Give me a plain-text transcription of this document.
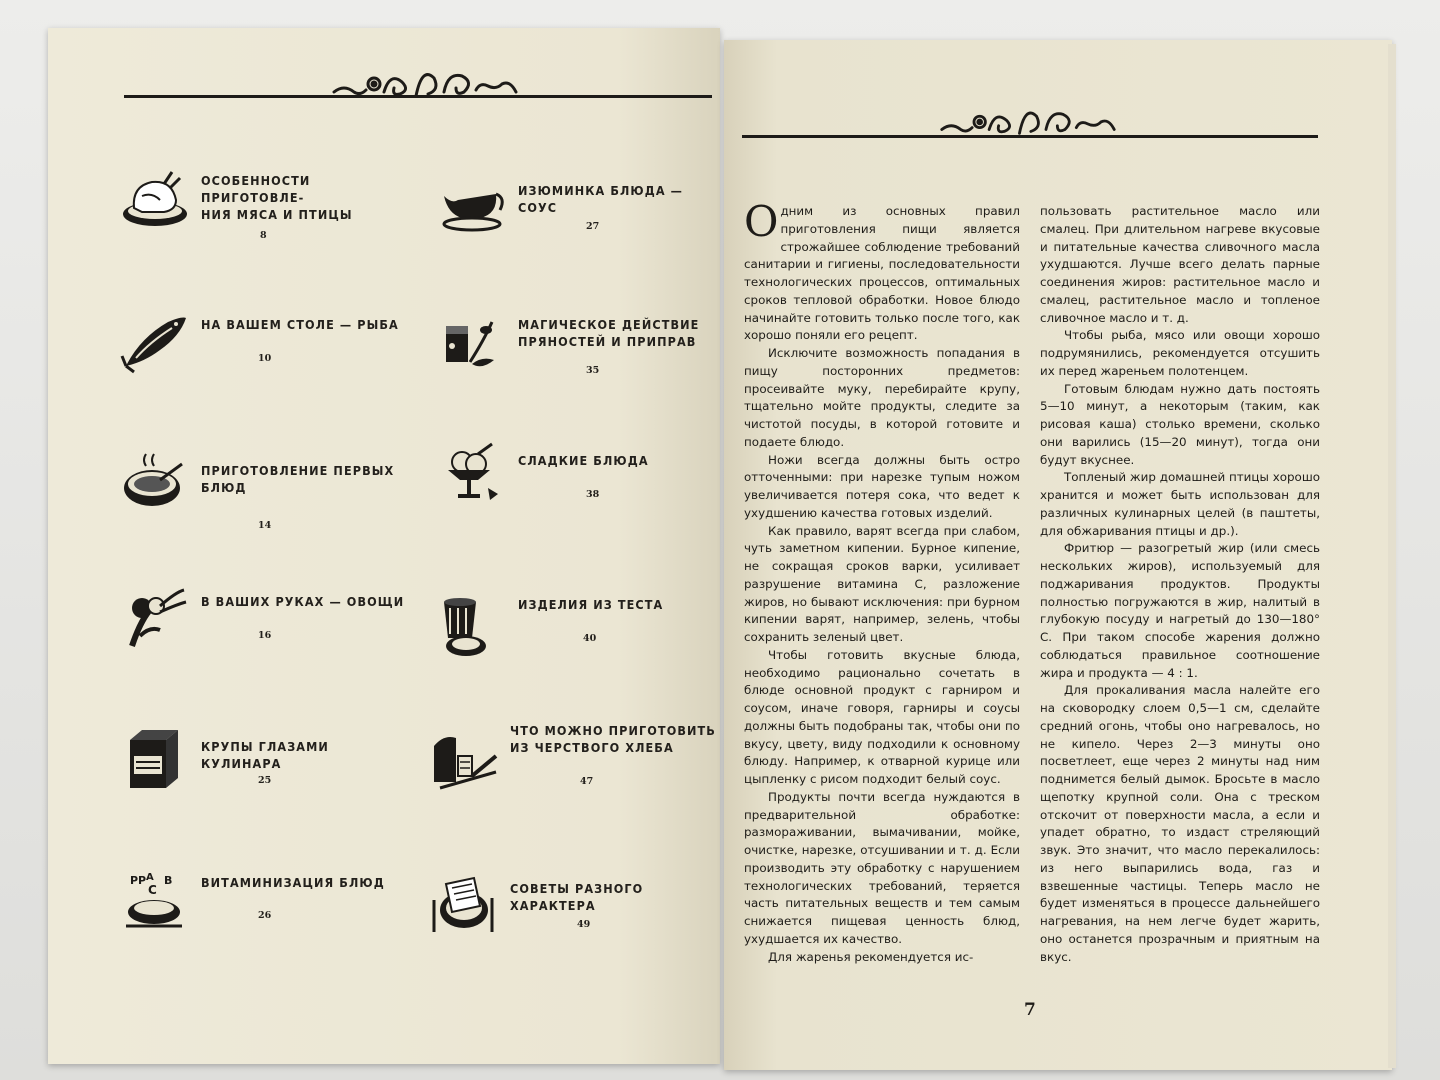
ОСОБЕННОСТИ ПРИГОТОВЛЕ-
НИЯ МЯСА И ПТИЦЫ
8
НА ВАШЕМ СТОЛЕ — РЫБА
10
ПРИГОТОВЛЕНИЕ ПЕРВЫХ
БЛЮД
14
В ВАШИХ РУКАХ — ОВОЩИ
16
КРУПЫ ГЛАЗАМИ КУЛИНАРА
25
PP A B
C	ВИТАМИНИЗАЦИЯ БЛЮД
26
ИЗЮМИНКА БЛЮДА — СОУС
27
МАГИЧЕСКОЕ ДЕЙСТВИЕ
ПРЯНОСТЕЙ И ПРИПРАВ
35
СЛАДКИЕ БЛЮДА
38
ИЗДЕЛИЯ ИЗ ТЕСТА
40
ЧТО МОЖНО ПРИГОТОВИТЬ
ИЗ ЧЕРСТВОГО ХЛЕБА
47
СОВЕТЫ РАЗНОГО ХАРАКТЕРА
49

Одним из основных правил приготовления пищи является строжайшее соблюдение требований санитарии и гигиены, последовательности технологических процессов, оптимальных сроков тепловой обработки. Новое блюдо начинайте готовить только после того, как хорошо поняли его рецепт.

Исключите возможность попадания в пищу посторонних предметов: просеивайте муку, перебирайте крупу, тщательно мойте продукты, следите за чистотой посуды, в которой готовите и подаете блюдо.

Ножи всегда должны быть остро отточенными: при нарезке тупым ножом увеличивается потеря сока, что ведет к ухудшению качества готовых изделий.

Как правило, варят всегда при слабом, чуть заметном кипении. Бурное кипение, не сокращая сроков варки, усиливает разрушение витамина С, разложение жиров, но бывают исключения: при бурном кипении варят, например, зелень, чтобы сохранить зеленый цвет.

Чтобы готовить вкусные блюда, необходимо рационально сочетать в блюде основной продукт с гарниром и соусом, иначе говоря, гарниры и соусы должны быть подобраны так, чтобы они по вкусу, цвету, виду подходили к основному блюду. Например, к отварной курице или цыпленку с рисом подходит белый соус.

Продукты почти всегда нуждаются в предварительной обработке: размораживании, вымачивании, мойке, очистке, нарезке, отсушивании и т. д. Если производить эту обработку с нарушением технологических требований, теряется часть питательных веществ и тем самым снижается пищевая ценность блюд, ухудшается их качество.

Для жаренья рекомендуется ис-

пользовать растительное масло или смалец. При длительном нагреве вкусовые и питательные качества сливочного масла ухудшаются. Лучше всего делать парные соединения жиров: растительное масло и смалец, растительное масло и топленое сливочное масло и т. д.

Чтобы рыба, мясо или овощи хорошо подрумянились, рекомендуется отсушить их перед жареньем полотенцем.

Готовым блюдам нужно дать постоять 5—10 минут, а некоторым (таким, как рисовая каша) столько времени, сколько они варились (15—20 минут), тогда они будут вкуснее.

Топленый жир домашней птицы хорошо хранится и может быть использован для различных кулинарных целей (в паштеты, для обжаривания птицы и др.).

Фритюр — разогретый жир (или смесь нескольких жиров), используемый для поджаривания продуктов. Продукты полностью погружаются в жир, налитый в глубокую посуду и нагретый до 130—180° С. При таком способе жарения должно соблюдаться правильное соотношение жира и продукта — 4 : 1.

Для прокаливания масла налейте его на сковородку слоем 0,5—1 см, сделайте средний огонь, чтобы оно нагревалось, но не кипело. Через 2—3 минуты оно посветлеет, еще через 2 минуты над ним поднимется белый дымок. Бросьте в масло щепотку крупной соли. Она с треском отскочит от поверхности масла, а если и упадет обратно, то издаст стреляющий звук. Это значит, что масло перекалилось: из него выпарились вода, газ и взвешенные частицы. Теперь масло не будет изменяться в процессе дальнейшего нагревания, на нем легче будет жарить, оно останется прозрачным и приятным на вкус.

7
